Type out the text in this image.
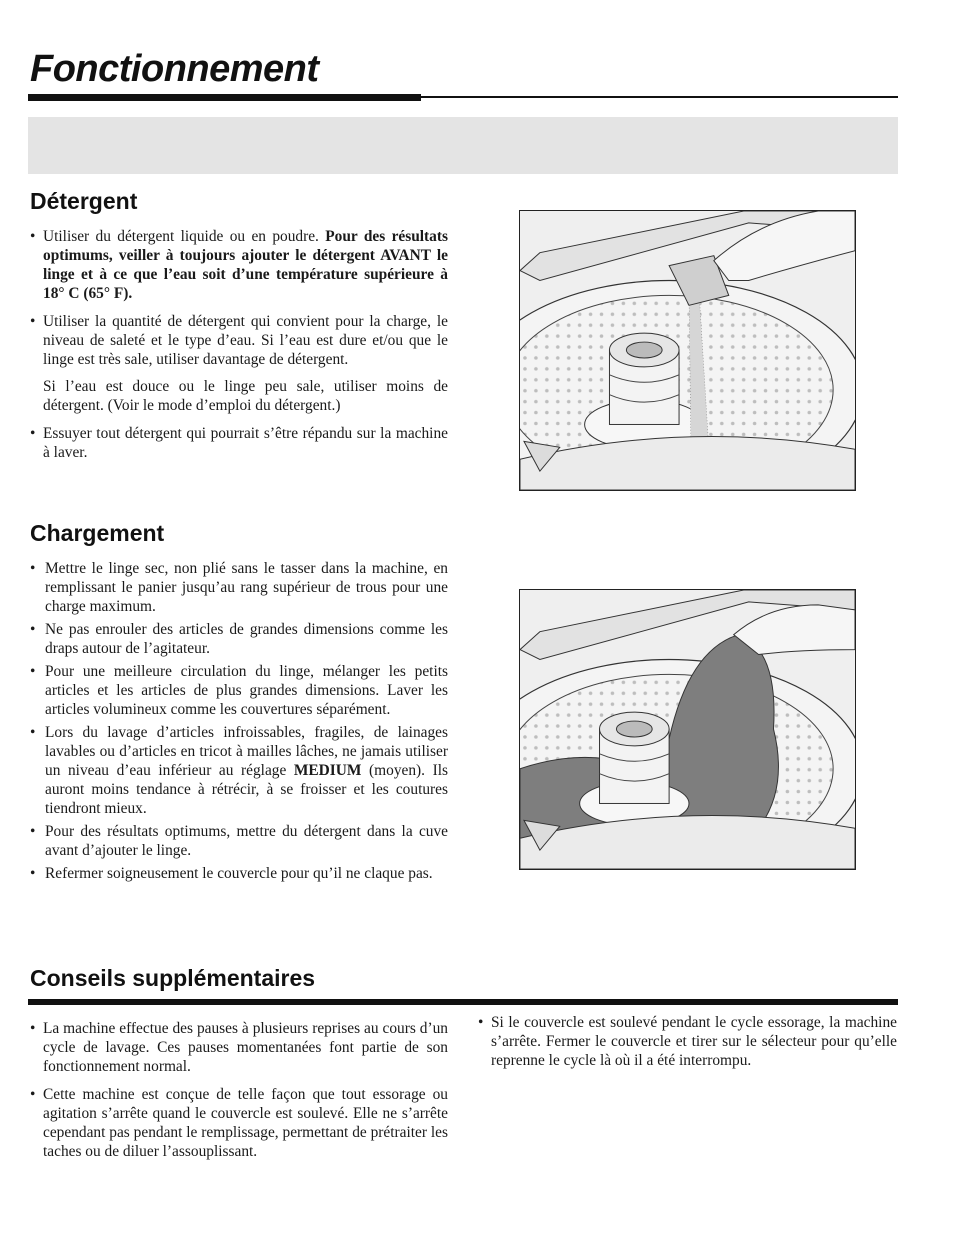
Fonctionnement
Détergent
• Utiliser du détergent liquide ou en poudre. Pour des résultats optimums, veiller à toujours ajouter le détergent AVANT le linge et à ce que l’eau soit d’une température supérieure à 18° C (65° F).
• Utiliser la quantité de détergent qui convient pour la charge, le niveau de saleté et le type d’eau. Si l’eau est dure et/ou que le linge est très sale, utiliser davantage de détergent.
Si l’eau est douce ou le linge peu sale, utiliser moins de détergent. (Voir le mode d’emploi du détergent.)
• Essuyer tout détergent qui pourrait s’être répandu sur la machine à laver.
Chargement
• Mettre le linge sec, non plié sans le tasser dans la machine, en remplissant le panier jusqu’au rang supérieur de trous pour une charge maximum.
• Ne pas enrouler des articles de grandes dimensions comme les draps autour de l’agitateur.
• Pour une meilleure circulation du linge, mélanger les petits articles et les articles de plus grandes dimensions. Laver les articles volumineux comme les couvertures séparément.
• Lors du lavage d’articles infroissables, fragiles, de lainages lavables ou d’articles en tricot à mailles lâches, ne jamais utiliser un niveau d’eau inférieur au réglage MEDIUM (moyen). Ils auront moins tendance à rétrécir, à se froisser et les coutures tiendront mieux.
• Pour des résultats optimums, mettre du détergent dans la cuve avant d’ajouter le linge.
• Refermer soigneusement le couvercle pour qu’il ne claque pas.
Conseils supplémentaires
• La machine effectue des pauses à plusieurs reprises au cours d’un cycle de lavage. Ces pauses momentanées font partie de son fonctionnement normal.
• Cette machine est conçue de telle façon que tout essorage ou agitation s’arrête quand le couvercle est soulevé. Elle ne s’arrête cependant pas pendant le remplissage, permettant de prétraiter les taches ou de diluer l’assouplissant.
• Si le couvercle est soulevé pendant le cycle essorage, la machine s’arrête. Fermer le couvercle et tirer sur le sélecteur pour qu’elle reprenne le cycle là où il a été interrompu.
